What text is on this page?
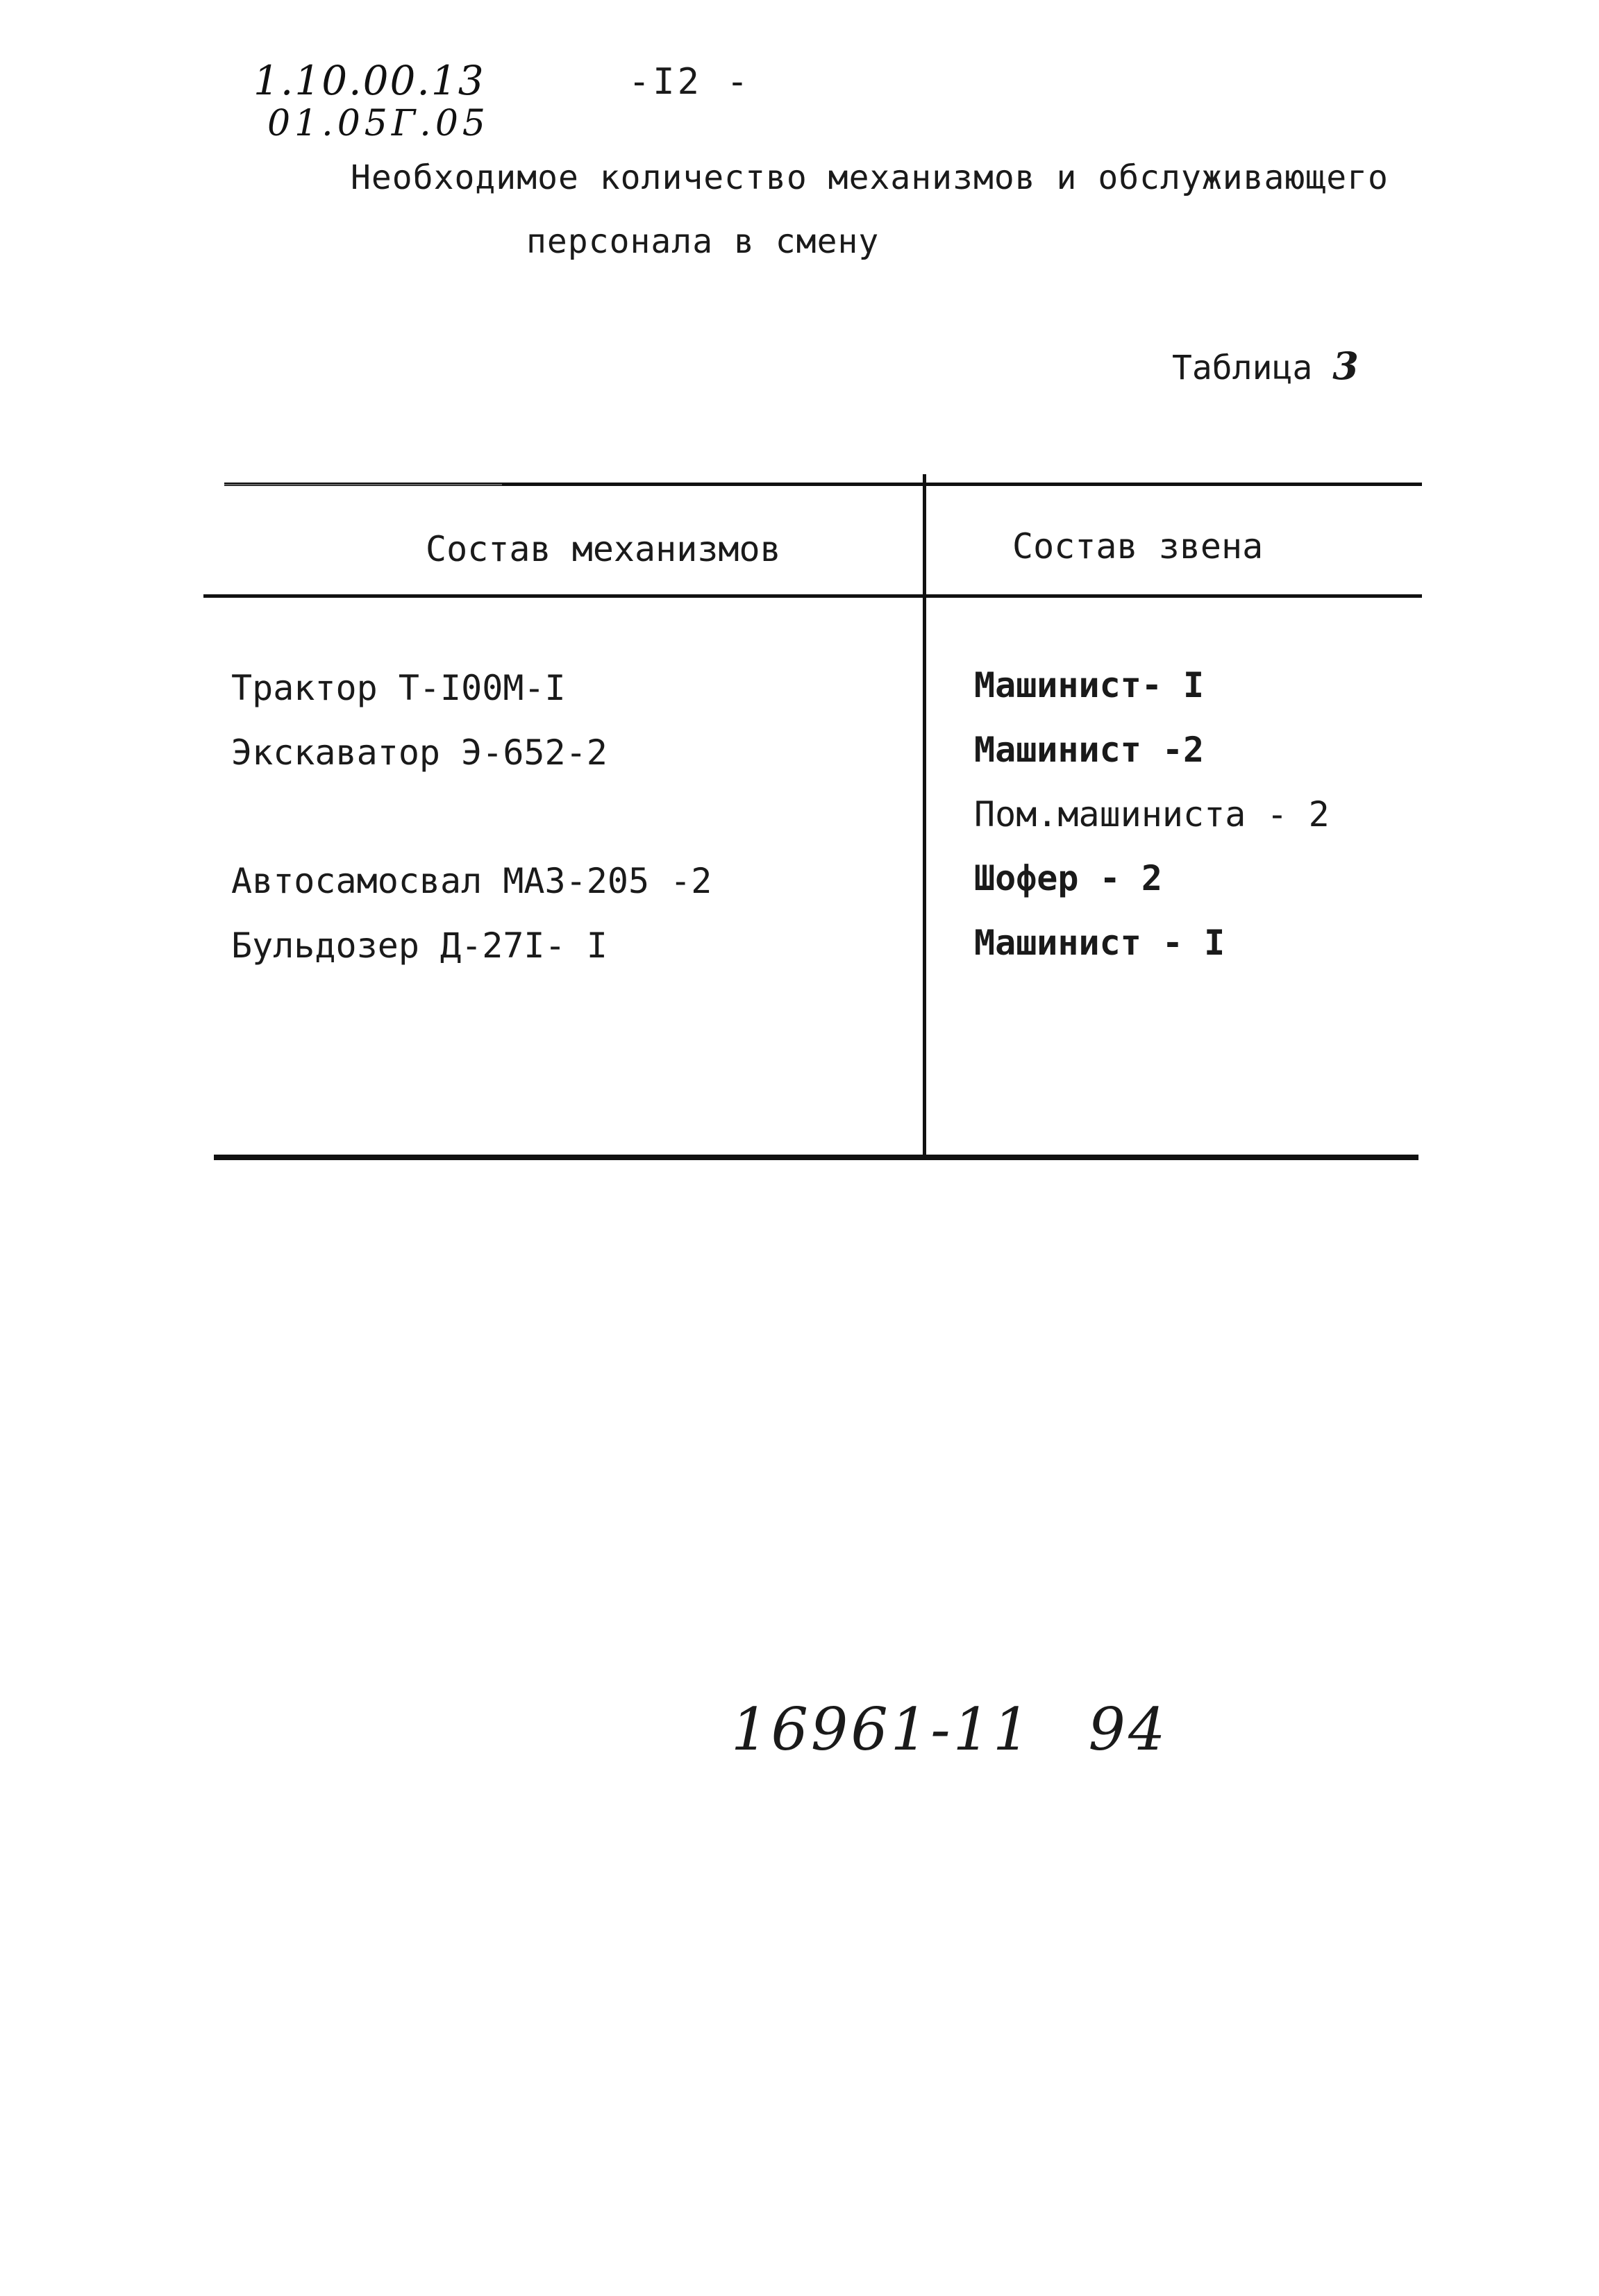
1.10.00.13
01.05Г.05
-I2 -
Необходимое количество механизмов и обслуживающего
персонала в смену
Таблица 3
Состав механизмов	Состав звена
Трактор Т-I00М-I
Экскаватор Э-652-2
Автосамосвал МАЗ-205 -2
Бульдозер Д-27I- I
Машинист- I
Машинист -2
Пом.машиниста - 2
Шофер - 2
Машинист - I
16961-11 94
